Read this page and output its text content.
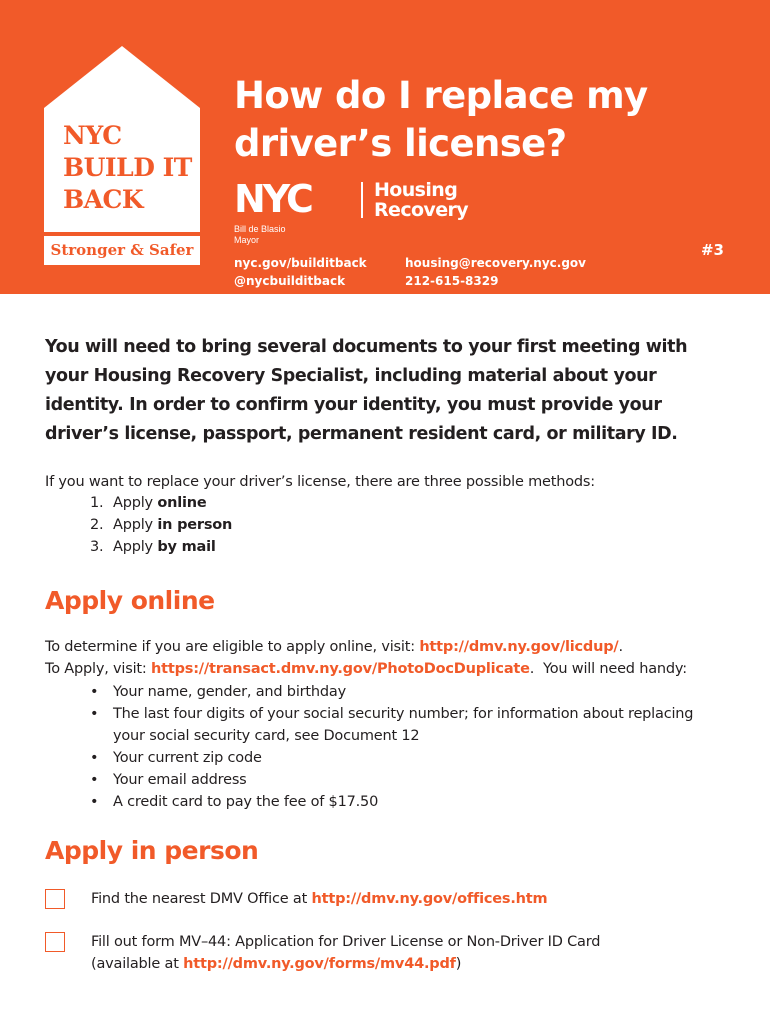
NYC
BUILD IT
BACK
Stronger & Safer
How do I replace my driver’s license?
NYC	Housing
Recovery
Bill de Blasio
Mayor
#3
nyc.gov/builditback
@nycbuilditback
housing@recovery.nyc.gov
212-615-8329
You will need to bring several documents to your first meeting with your Housing Recovery Specialist, including material about your identity. In order to confirm your identity, you must provide your driver’s license, passport, permanent resident card, or military ID.
If you want to replace your driver’s license, there are three possible methods:
1. Apply
online
2. Apply
in person
3. Apply
by mail
Apply online
To determine if you are eligible to apply online, visit: http://dmv.ny.gov/licdup/.
To Apply, visit: https://transact.dmv.ny.gov/PhotoDocDuplicate.  You will need handy:
•	Your name, gender, and birthday
•	The last four digits of your social security number; for information about replacing your social security card, see Document 12
•	Your current zip code
•	Your email address
•	A credit card to pay the fee of $17.50
Apply in person
Find the nearest DMV Office at http://dmv.ny.gov/offices.htm
Fill out form MV–44: Application for Driver License or Non-Driver ID Card (available at http://dmv.ny.gov/forms/mv44.pdf)
